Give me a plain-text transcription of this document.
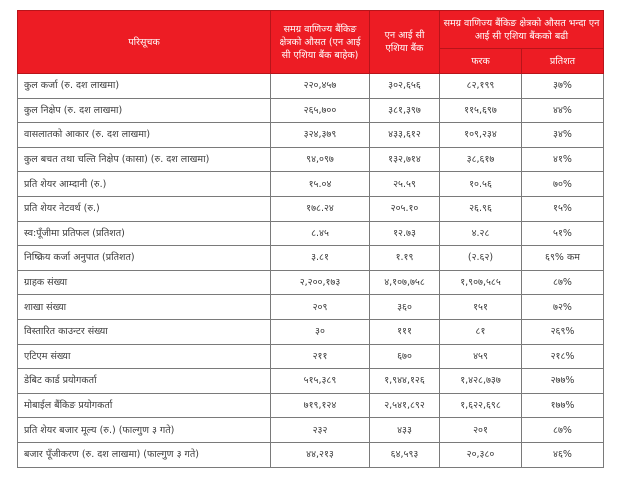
परिसूचक	समग्र वाणिज्य बैंकिङ क्षेत्रको औसत (एन आई सी एशिया बैंक बाहेक)	एन आई सी एशिया बैंक	समग्र वाणिज्य बैंकिङ क्षेत्रको औसत भन्दा एन आई सी एशिया बैंकको बढी	
			फरक	प्रतिशत
कुल कर्जा (रु. दश लाखमा)	२२०,४५७	३०२,६५६	८२,१९९	३७%
कुल निक्षेप (रु. दश लाखमा)	२६५,७००	३८१,३९७	११५,६९७	४४%
वासलातको आकार (रु. दश लाखमा)	३२४,३७९	४३३,६१२	१०९,२३४	३४%
कुल बचत तथा चल्ति निक्षेप (कासा) (रु. दश लाखमा)	९४,०९७	१३२,७१४	३८,६१७	४१%
प्रति शेयर आम्दानी (रु.)	१५.०४	२५.५९	१०.५६	७०%
प्रति शेयर नेटवर्थ (रु.)	१७८.२४	२०५.१०	२६.९६	१५%
स्व:पूँजीमा प्रतिफल (प्रतिशत)	८.४५	१२.७३	४.२८	५१%
निष्क्रिय कर्जा अनुपात (प्रतिशत)	३.८१	१.१९	(२.६२)	६९% कम
ग्राहक संख्या	२,२००,१७३	४,१०७,७५८	१,९०७,५८५	८७%
शाखा संख्या	२०९	३६०	१५१	७२%
विस्तारित काउन्टर संख्या	३०	१११	८१	२६९%
एटिएम संख्या	२११	६७०	४५९	२१८%
डेबिट कार्ड प्रयोगकर्ता	५१५,३८९	१,९४४,१२६	१,४२८,७३७	२७७%
मोबाईल बैंकिङ प्रयोगकर्ता	७१९,१२४	२,५४१,८९२	१,६२२,६९८	१७७%
प्रति शेयर बजार मूल्य (रु.) (फाल्गुण ३ गते)	२३२	४३३	२०१	८७%
बजार पूँजीकरण (रु. दश लाखमा) (फाल्गुण ३ गते)	४४,२१३	६४,५९३	२०,३८०	४६%
